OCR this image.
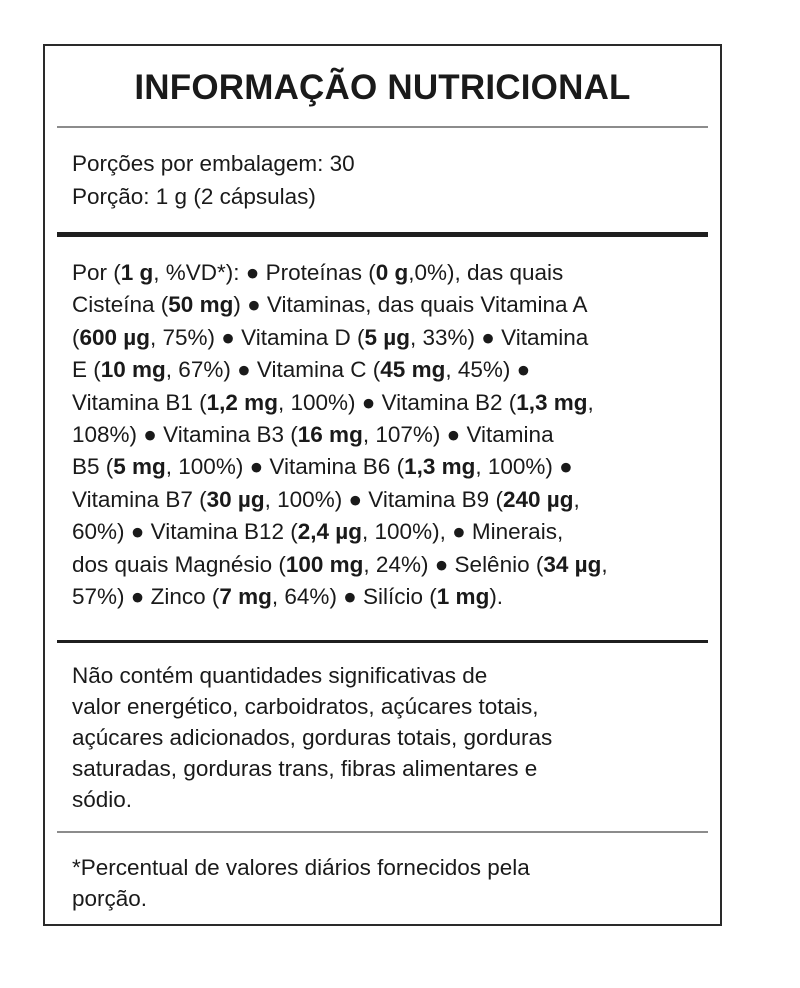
INFORMAÇÃO NUTRICIONAL
Porções por embalagem: 30
Porção: 1 g (2 cápsulas)
Por (1 g, %VD*): ● Proteínas (0 g,0%), das quais
Cisteína (50 mg) ● Vitaminas, das quais Vitamina A
(600 µg, 75%) ● Vitamina D (5 µg, 33%) ● Vitamina
E (10 mg, 67%) ● Vitamina C (45 mg, 45%) ●
Vitamina B1 (1,2 mg, 100%) ● Vitamina B2 (1,3 mg,
108%) ● Vitamina B3 (16 mg, 107%) ● Vitamina
B5 (5 mg, 100%) ● Vitamina B6 (1,3 mg, 100%) ●
Vitamina B7 (30 µg, 100%) ● Vitamina B9 (240 µg,
60%) ● Vitamina B12 (2,4 µg, 100%), ● Minerais,
dos quais Magnésio (100 mg, 24%) ● Selênio (34 µg,
57%) ● Zinco (7 mg, 64%) ● Silício (1 mg).
Não contém quantidades significativas de
valor energético, carboidratos, açúcares totais,
açúcares adicionados, gorduras totais, gorduras
saturadas, gorduras trans, fibras alimentares e
sódio.
*Percentual de valores diários fornecidos pela
porção.
